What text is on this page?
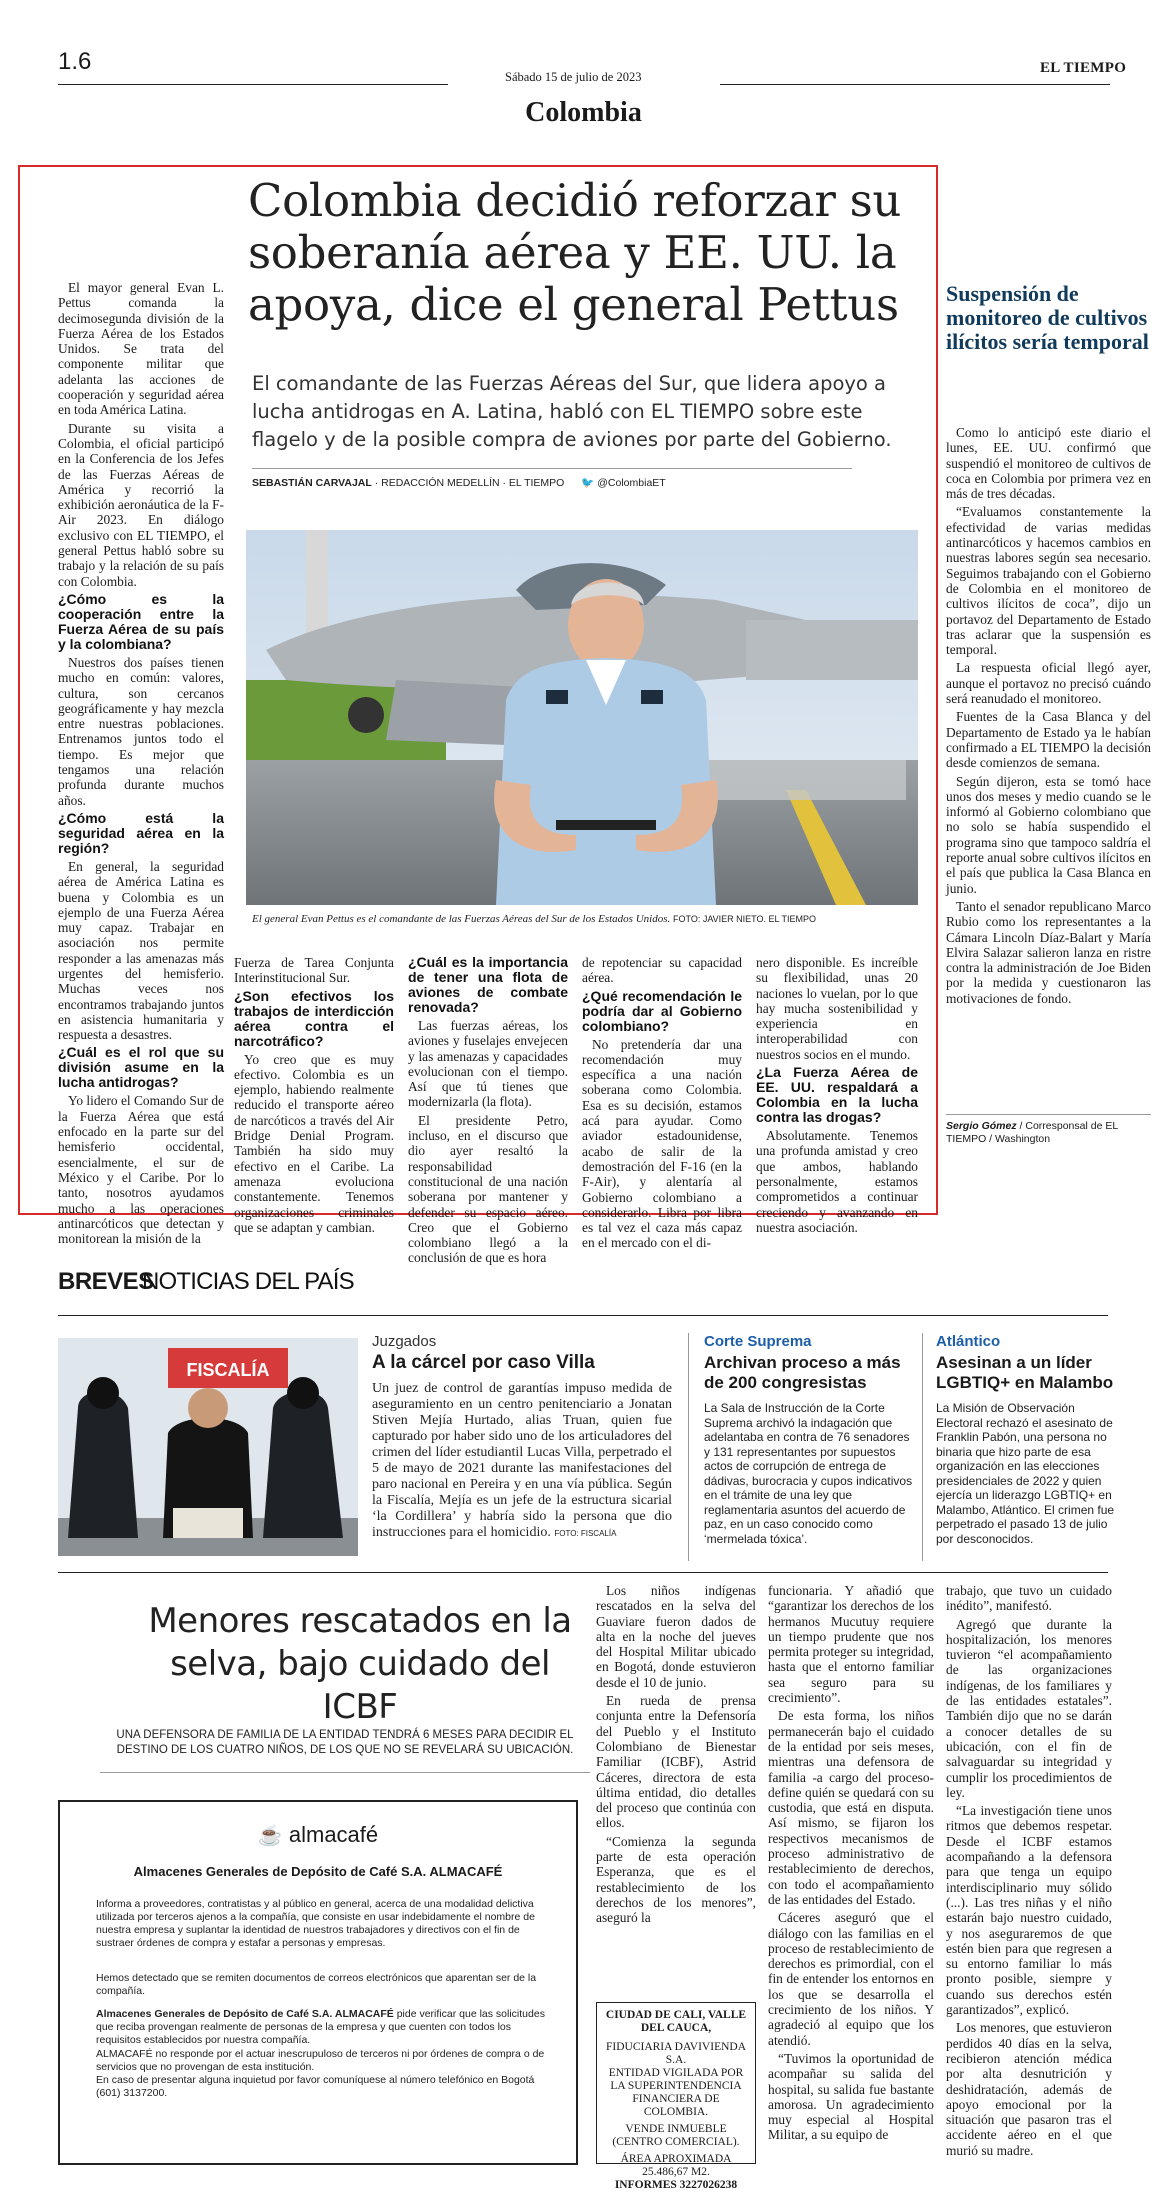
1.6
Sábado 15 de julio de 2023
EL TIEMPO
Colombia
Colombia decidió reforzar su soberanía aérea y EE. UU. la apoya, dice el general Pettus
El comandante de las Fuerzas Aéreas del Sur, que lidera apoyo a lucha antidrogas en A. Latina, habló con EL TIEMPO sobre este flagelo y de la posible compra de aviones por parte del Gobierno.
SEBASTIÁN CARVAJAL · REDACCIÓN MEDELLÍN · EL TIEMPO 🐦 @ColombiaET
El general Evan Pettus es el comandante de las Fuerzas Aéreas del Sur de los Estados Unidos. FOTO: JAVIER NIETO. EL TIEMPO

El mayor general Evan L. Pettus comanda la decimosegunda división de la Fuerza Aérea de los Estados Unidos. Se trata del componente militar que adelanta las acciones de cooperación y seguridad aérea en toda América Latina.

Durante su visita a Colombia, el oficial participó en la Conferencia de los Jefes de las Fuerzas Aéreas de América y recorrió la exhibición aeronáutica de la F-Air 2023. En diálogo exclusivo con EL TIEMPO, el general Pettus habló sobre su trabajo y la relación de su país con Colombia.

¿Cómo es la cooperación entre la Fuerza Aérea de su país y la colombiana?

Nuestros dos países tienen mucho en común: valores, cultura, son cercanos geográficamente y hay mezcla entre nuestras poblaciones. Entrenamos juntos todo el tiempo. Es mejor que tengamos una relación profunda durante muchos años.

¿Cómo está la seguridad aérea en la región?

En general, la seguridad aérea de América Latina es buena y Colombia es un ejemplo de una Fuerza Aérea muy capaz. Trabajar en asociación nos permite responder a las amenazas más urgentes del hemisferio. Muchas veces nos encontramos trabajando juntos en asistencia humanitaria y respuesta a desastres.

¿Cuál es el rol que su división asume en la lucha antidrogas?

Yo lidero el Comando Sur de la Fuerza Aérea que está enfocado en la parte sur del hemisferio occidental, esencialmente, el sur de México y el Caribe. Por lo tanto, nosotros ayudamos mucho a las operaciones antinarcóticos que detectan y monitorean la misión de la

Fuerza de Tarea Conjunta Interinstitucional Sur.

¿Son efectivos los trabajos de interdicción aérea contra el narcotráfico?

Yo creo que es muy efectivo. Colombia es un ejemplo, habiendo realmente reducido el transporte aéreo de narcóticos a través del Air Bridge Denial Program. También ha sido muy efectivo en el Caribe. La amenaza evoluciona constantemente. Tenemos organizaciones criminales que se adaptan y cambian.

¿Cuál es la importancia de tener una flota de aviones de combate renovada?

Las fuerzas aéreas, los aviones y fuselajes envejecen y las amenazas y capacidades evolucionan con el tiempo. Así que tú tienes que modernizarla (la flota).

El presidente Petro, incluso, en el discurso que dio ayer resaltó la responsabilidad constitucional de una nación soberana por mantener y defender su espacio aéreo. Creo que el Gobierno colombiano llegó a la conclusión de que es hora

de repotenciar su capacidad aérea.

¿Qué recomendación le podría dar al Gobierno colombiano?

No pretendería dar una recomendación muy específica a una nación soberana como Colombia. Esa es su decisión, estamos acá para ayudar. Como aviador estadounidense, acabo de salir de la demostración del F-16 (en la F-Air), y alentaría al Gobierno colombiano a considerarlo. Libra por libra es tal vez el caza más capaz en el mercado con el di-

nero disponible. Es increíble su flexibilidad, unas 20 naciones lo vuelan, por lo que hay mucha sostenibilidad y experiencia en interoperabilidad con nuestros socios en el mundo.

¿La Fuerza Aérea de EE. UU. respaldará a Colombia en la lucha contra las drogas?

Absolutamente. Tenemos una profunda amistad y creo que ambos, hablando personalmente, estamos comprometidos a continuar creciendo y avanzando en nuestra asociación.

Suspensión de monitoreo de cultivos ilícitos sería temporal

Como lo anticipó este diario el lunes, EE. UU. confirmó que suspendió el monitoreo de cultivos de coca en Colombia por primera vez en más de tres décadas.

“Evaluamos constantemente la efectividad de varias medidas antinarcóticos y hacemos cambios en nuestras labores según sea necesario. Seguimos trabajando con el Gobierno de Colombia en el monitoreo de cultivos ilícitos de coca”, dijo un portavoz del Departamento de Estado tras aclarar que la suspensión es temporal.

La respuesta oficial llegó ayer, aunque el portavoz no precisó cuándo será reanudado el monitoreo.

Fuentes de la Casa Blanca y del Departamento de Estado ya le habían confirmado a EL TIEMPO la decisión desde comienzos de semana.

Según dijeron, esta se tomó hace unos dos meses y medio cuando se le informó al Gobierno colombiano que no solo se había suspendido el programa sino que tampoco saldría el reporte anual sobre cultivos ilícitos en el país que publica la Casa Blanca en junio.

Tanto el senador republicano Marco Rubio como los representantes a la Cámara Lincoln Díaz-Balart y María Elvira Salazar salieron lanza en ristre contra la administración de Joe Biden por la medida y cuestionaron las motivaciones de fondo.

Sergio Gómez / Corresponsal de EL TIEMPO / Washington
BREVES
NOTICIAS DEL PAÍS
FISCALÍA
Juzgados
A la cárcel por caso Villa
Un juez de control de garantías impuso medida de aseguramiento en un centro penitenciario a Jonatan Stiven Mejía Hurtado, alias Truan, quien fue capturado por haber sido uno de los articuladores del crimen del líder estudiantil Lucas Villa, perpetrado el 5 de mayo de 2021 durante las manifestaciones del paro nacional en Pereira y en una vía pública. Según la Fiscalía, Mejía es un jefe de la estructura sicarial ‘la Cordillera’ y habría sido la persona que dio instrucciones para el homicidio. FOTO: FISCALÍA
Corte Suprema
Archivan proceso a más de 200 congresistas
La Sala de Instrucción de la Corte Suprema archivó la indagación que adelantaba en contra de 76 senadores y 131 representantes por supuestos actos de corrupción de entrega de dádivas, burocracia y cupos indicativos en el trámite de una ley que reglamentaria asuntos del acuerdo de paz, en un caso conocido como ‘mermelada tóxica’.
Atlántico
Asesinan a un líder LGBTIQ+ en Malambo
La Misión de Observación Electoral rechazó el asesinato de Franklin Pabón, una persona no binaria que hizo parte de esa organización en las elecciones presidenciales de 2022 y quien ejercía un liderazgo LGBTIQ+ en Malambo, Atlántico. El crimen fue perpetrado el pasado 13 de julio por desconocidos.
Menores rescatados en la selva, bajo cuidado del ICBF
UNA DEFENSORA DE FAMILIA DE LA ENTIDAD TENDRÁ 6 MESES PARA DECIDIR EL DESTINO DE LOS CUATRO NIÑOS, DE LOS QUE NO SE REVELARÁ SU UBICACIÓN.

Los niños indígenas rescatados en la selva del Guaviare fueron dados de alta en la noche del jueves del Hospital Militar ubicado en Bogotá, donde estuvieron desde el 10 de junio.

En rueda de prensa conjunta entre la Defensoría del Pueblo y el Instituto Colombiano de Bienestar Familiar (ICBF), Astrid Cáceres, directora de esta última entidad, dio detalles del proceso que continúa con ellos.

“Comienza la segunda parte de esta operación Esperanza, que es el restablecimiento de los derechos de los menores”, aseguró la

funcionaria. Y añadió que “garantizar los derechos de los hermanos Mucutuy requiere un tiempo prudente que nos permita proteger su integridad, hasta que el entorno familiar sea seguro para su crecimiento”.

De esta forma, los niños permanecerán bajo el cuidado de la entidad por seis meses, mientras una defensora de familia -a cargo del proceso- define quién se quedará con su custodia, que está en disputa. Así mismo, se fijaron los respectivos mecanismos de proceso administrativo de restablecimiento de derechos, con todo el acompañamiento de las entidades del Estado.

Cáceres aseguró que el diálogo con las familias en el proceso de restablecimiento de derechos es primordial, con el fin de entender los entornos en los que se desarrolla el crecimiento de los niños. Y agradeció al equipo que los atendió.

“Tuvimos la oportunidad de acompañar su salida del hospital, su salida fue bastante amorosa. Un agradecimiento muy especial al Hospital Militar, a su equipo de

trabajo, que tuvo un cuidado inédito”, manifestó.

Agregó que durante la hospitalización, los menores tuvieron “el acompañamiento de las organizaciones indígenas, de los familiares y de las entidades estatales”. También dijo que no se darán a conocer detalles de su ubicación, con el fin de salvaguardar su integridad y cumplir los procedimientos de ley.

“La investigación tiene unos ritmos que debemos respetar. Desde el ICBF estamos acompañando a la defensora para que tenga un equipo interdisciplinario muy sólido (...). Las tres niñas y el niño estarán bajo nuestro cuidado, y nos aseguraremos de que estén bien para que regresen a su entorno familiar lo más pronto posible, siempre y cuando sus derechos estén garantizados”, explicó.

Los menores, que estuvieron perdidos 40 días en la selva, recibieron atención médica por alta desnutrición y deshidratación, además de apoyo emocional por la situación que pasaron tras el accidente aéreo en el que murió su madre.

☕ almacafé
Almacenes Generales de Depósito de Café S.A. ALMACAFÉ
Informa a proveedores, contratistas y al público en general, acerca de una modalidad delictiva utilizada por terceros ajenos a la compañía, que consiste en usar indebidamente el nombre de nuestra empresa y suplantar la identidad de nuestros trabajadores y directivos con el fin de sustraer órdenes de compra y estafar a personas y empresas.
Hemos detectado que se remiten documentos de correos electrónicos que aparentan ser de la compañía.
Almacenes Generales de Depósito de Café S.A. ALMACAFÉ pide verificar que las solicitudes que reciba provengan realmente de personas de la empresa y que cuenten con todos los requisitos establecidos por nuestra compañía.
ALMACAFÉ no responde por el actuar inescrupuloso de terceros ni por órdenes de compra o de servicios que no provengan de esta institución.
En caso de presentar alguna inquietud por favor comuníquese al número telefónico en Bogotá (601) 3137200.
CIUDAD DE CALI, VALLE DEL CAUCA,
FIDUCIARIA DAVIVIENDA S.A.
ENTIDAD VIGILADA POR LA SUPERINTENDENCIA FINANCIERA DE COLOMBIA.
VENDE INMUEBLE (CENTRO COMERCIAL).
ÁREA APROXIMADA 25.486,67 M2.
INFORMES 3227026238
